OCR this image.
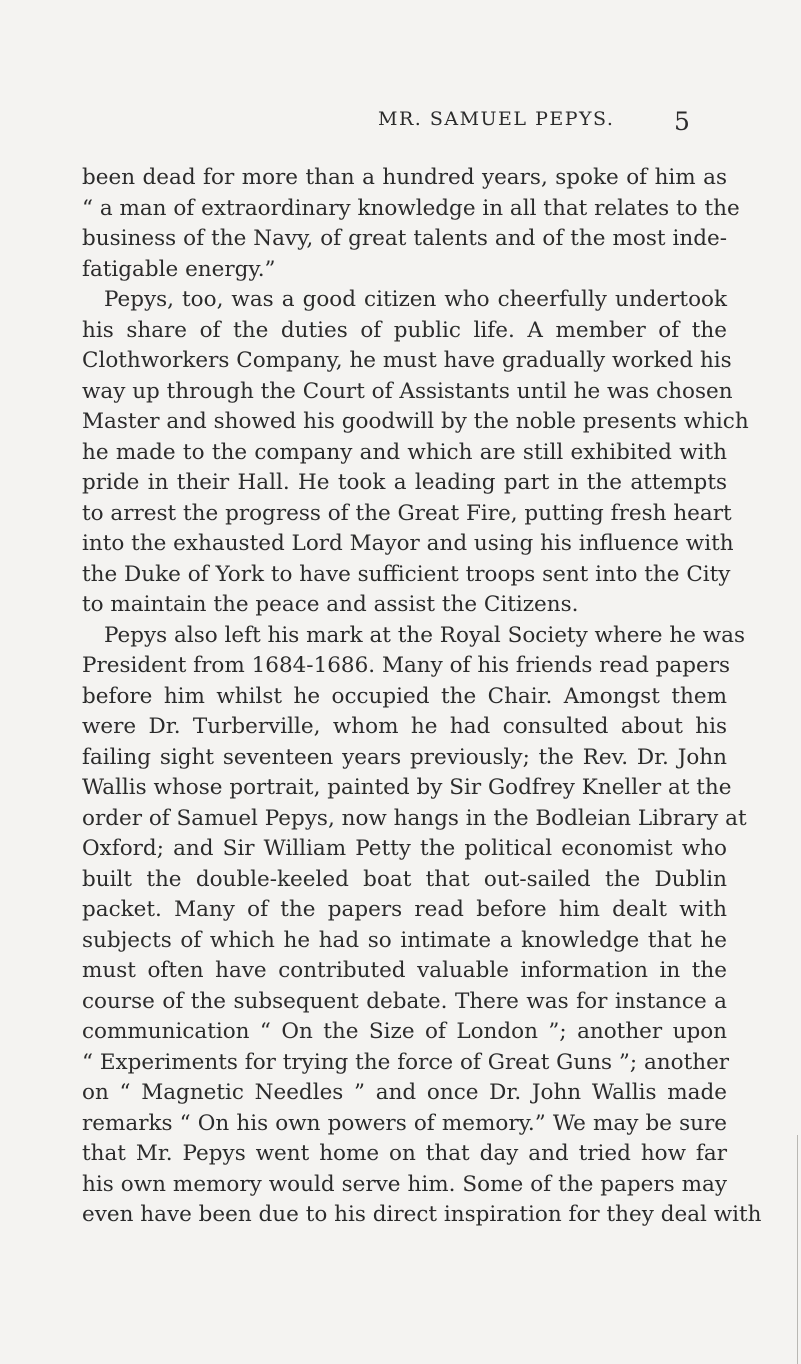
MR. SAMUEL PEPYS. 5
been dead for more than a hundred years, spoke of him as
“ a man of extraordinary knowledge in all that relates to the
business of the Navy, of great talents and of the most inde-
fatigable energy.”
Pepys, too, was a good citizen who cheerfully undertook
his share of the duties of public life. A member of the
Clothworkers Company, he must have gradually worked his
way up through the Court of Assistants until he was chosen
Master and showed his goodwill by the noble presents which
he made to the company and which are still exhibited with
pride in their Hall. He took a leading part in the attempts
to arrest the progress of the Great Fire, putting fresh heart
into the exhausted Lord Mayor and using his influence with
the Duke of York to have sufficient troops sent into the City
to maintain the peace and assist the Citizens.
Pepys also left his mark at the Royal Society where he was
President from 1684-1686. Many of his friends read papers
before him whilst he occupied the Chair. Amongst them
were Dr. Turberville, whom he had consulted about his
failing sight seventeen years previously; the Rev. Dr. John
Wallis whose portrait, painted by Sir Godfrey Kneller at the
order of Samuel Pepys, now hangs in the Bodleian Library at
Oxford; and Sir William Petty the political economist who
built the double-keeled boat that out-sailed the Dublin
packet. Many of the papers read before him dealt with
subjects of which he had so intimate a knowledge that he
must often have contributed valuable information in the
course of the subsequent debate. There was for instance a
communication “ On the Size of London ”; another upon
“ Experiments for trying the force of Great Guns ”; another
on “ Magnetic Needles ” and once Dr. John Wallis made
remarks “ On his own powers of memory.” We may be sure
that Mr. Pepys went home on that day and tried how far
his own memory would serve him. Some of the papers may
even have been due to his direct inspiration for they deal with
